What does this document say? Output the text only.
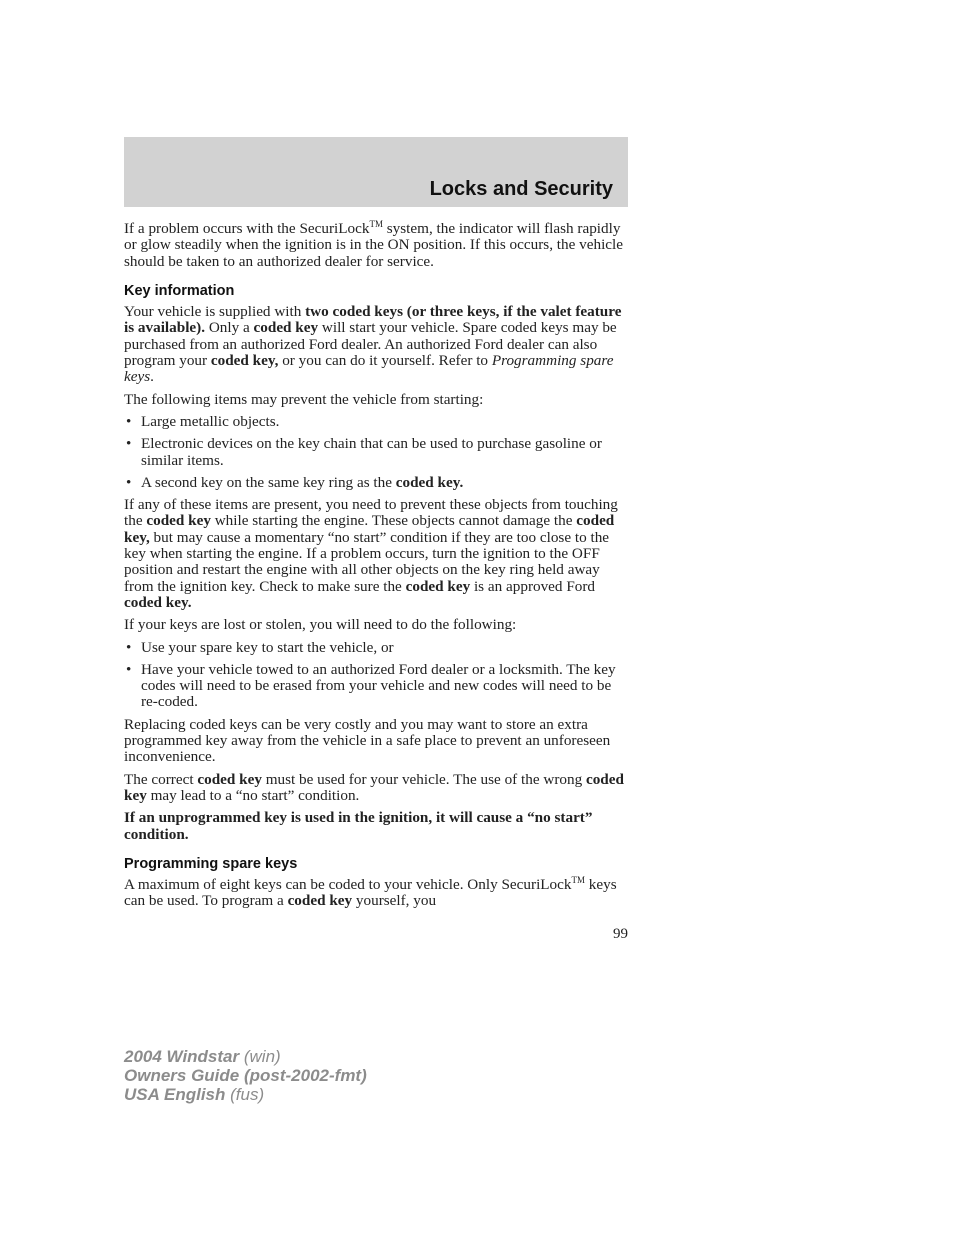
Locks and Security

If a problem occurs with the SecuriLock™ system, the indicator will flash rapidly or glow steadily when the ignition is in the ON position. If this occurs, the vehicle should be taken to an authorized dealer for service.

Key information

Your vehicle is supplied with two coded keys (or three keys, if the valet feature is available). Only a coded key will start your vehicle. Spare coded keys may be purchased from an authorized Ford dealer. An authorized Ford dealer can also program your coded key, or you can do it yourself. Refer to Programming spare keys.

The following items may prevent the vehicle from starting:

• Large metallic objects.
• Electronic devices on the key chain that can be used to purchase gasoline or similar items.
• A second key on the same key ring as the coded key.

If any of these items are present, you need to prevent these objects from touching the coded key while starting the engine. These objects cannot damage the coded key, but may cause a momentary “no start” condition if they are too close to the key when starting the engine. If a problem occurs, turn the ignition to the OFF position and restart the engine with all other objects on the key ring held away from the ignition key. Check to make sure the coded key is an approved Ford coded key.

If your keys are lost or stolen, you will need to do the following:

• Use your spare key to start the vehicle, or
• Have your vehicle towed to an authorized Ford dealer or a locksmith. The key codes will need to be erased from your vehicle and new codes will need to be re-coded.

Replacing coded keys can be very costly and you may want to store an extra programmed key away from the vehicle in a safe place to prevent an unforeseen inconvenience.

The correct coded key must be used for your vehicle. The use of the wrong coded key may lead to a “no start” condition.

If an unprogrammed key is used in the ignition, it will cause a “no start” condition.

Programming spare keys

A maximum of eight keys can be coded to your vehicle. Only SecuriLock™ keys can be used. To program a coded key yourself, you

99
2004 Windstar (win)
Owners Guide (post-2002-fmt)
USA English (fus)
